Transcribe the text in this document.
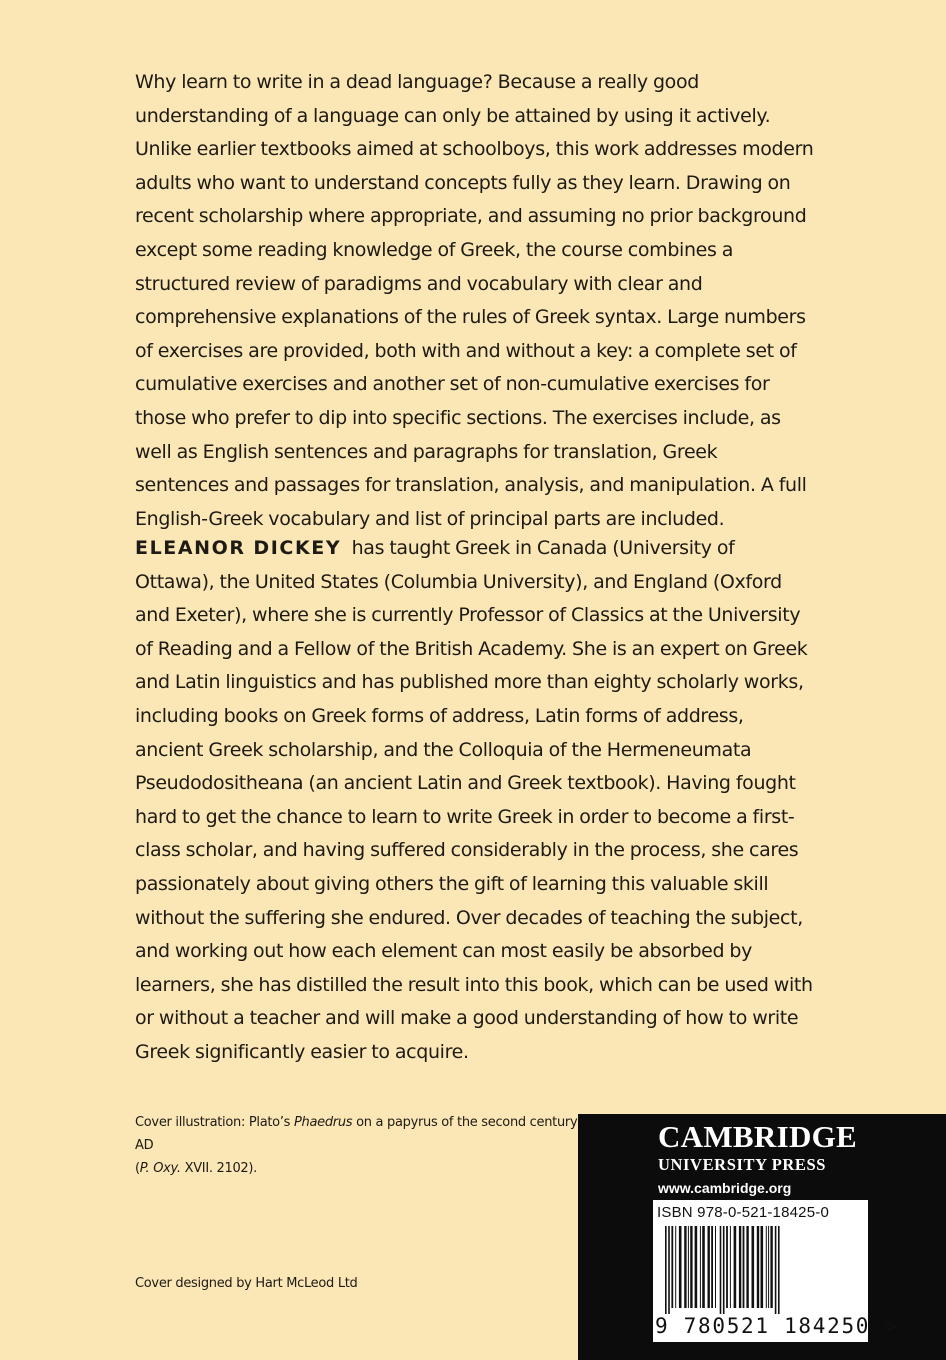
Why learn to write in a dead language? Because a really good understanding of a language can only be attained by using it actively. Unlike earlier textbooks aimed at schoolboys, this work addresses modern adults who want to understand concepts fully as they learn. Drawing on recent scholarship where appropriate, and assuming no prior background except some reading knowledge of Greek, the course combines a structured review of paradigms and vocabulary with clear and comprehensive explanations of the rules of Greek syntax. Large numbers of exercises are provided, both with and without a key: a complete set of cumulative exercises and another set of non-cumulative exercises for those who prefer to dip into specific sections. The exercises include, as well as English sentences and paragraphs for translation, Greek sentences and passages for translation, analysis, and manipulation. A full English-Greek vocabulary and list of principal parts are included.

ELEANOR DICKEY has taught Greek in Canada (University of Ottawa), the United States (Columbia University), and England (Oxford and Exeter), where she is currently Professor of Classics at the University of Reading and a Fellow of the British Academy. She is an expert on Greek and Latin linguistics and has published more than eighty scholarly works, including books on Greek forms of address, Latin forms of address, ancient Greek scholarship, and the Colloquia of the Hermeneumata Pseudodositheana (an ancient Latin and Greek textbook). Having fought hard to get the chance to learn to write Greek in order to become a first-class scholar, and having suffered considerably in the process, she cares passionately about giving others the gift of learning this valuable skill without the suffering she endured. Over decades of teaching the subject, and working out how each element can most easily be absorbed by learners, she has distilled the result into this book, which can be used with or without a teacher and will make a good understanding of how to write Greek significantly easier to acquire.

Cover illustration: Plato’s Phaedrus on a papyrus of the second century AD
(P. Oxy. XVII. 2102).

Cover designed by Hart McLeod Ltd

CAMBRIDGE
UNIVERSITY PRESS
www.cambridge.org
ISBN 978-0-521-18425-0
9 780521 184250 >
